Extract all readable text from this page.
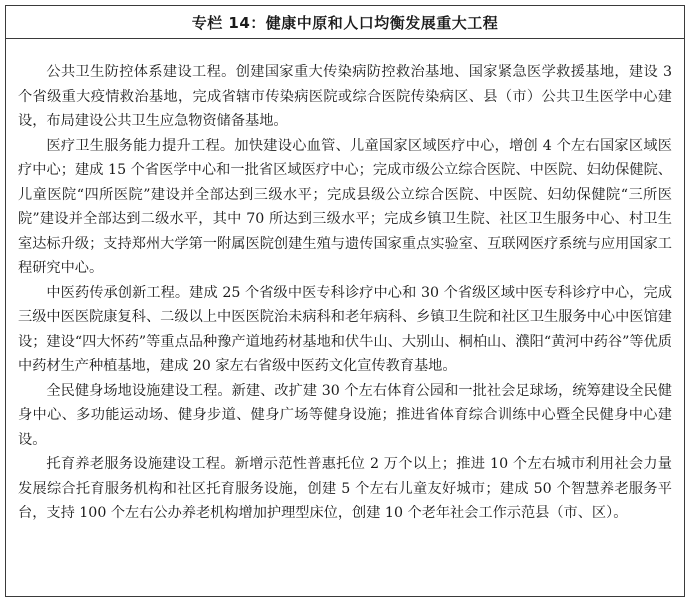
专栏 14：健康中原和人口均衡发展重大工程

公共卫生防控体系建设工程。创建国家重大传染病防控救治基地、国家紧急医学救援基地，建设 3 个省级重大疫情救治基地，完成省辖市传染病医院或综合医院传染病区、县（市）公共卫生医学中心建设，布局建设公共卫生应急物资储备基地。

医疗卫生服务能力提升工程。加快建设心血管、儿童国家区域医疗中心，增创 4 个左右国家区域医疗中心；建成 15 个省医学中心和一批省区域医疗中心；完成市级公立综合医院、中医院、妇幼保健院、儿童医院“四所医院”建设并全部达到三级水平；完成县级公立综合医院、中医院、妇幼保健院“三所医院”建设并全部达到二级水平，其中 70 所达到三级水平；完成乡镇卫生院、社区卫生服务中心、村卫生室达标升级；支持郑州大学第一附属医院创建生殖与遗传国家重点实验室、互联网医疗系统与应用国家工程研究中心。

中医药传承创新工程。建成 25 个省级中医专科诊疗中心和 30 个省级区域中医专科诊疗中心，完成三级中医医院康复科、二级以上中医医院治未病科和老年病科、乡镇卫生院和社区卫生服务中心中医馆建设；建设“四大怀药”等重点品种豫产道地药材基地和伏牛山、大别山、桐柏山、濮阳“黄河中药谷”等优质中药材生产种植基地，建成 20 家左右省级中医药文化宣传教育基地。

全民健身场地设施建设工程。新建、改扩建 30 个左右体育公园和一批社会足球场，统筹建设全民健身中心、多功能运动场、健身步道、健身广场等健身设施；推进省体育综合训练中心暨全民健身中心建设。

托育养老服务设施建设工程。新增示范性普惠托位 2 万个以上；推进 10 个左右城市利用社会力量发展综合托育服务机构和社区托育服务设施，创建 5 个左右儿童友好城市；建成 50 个智慧养老服务平台，支持 100 个左右公办养老机构增加护理型床位，创建 10 个老年社会工作示范县（市、区）。
